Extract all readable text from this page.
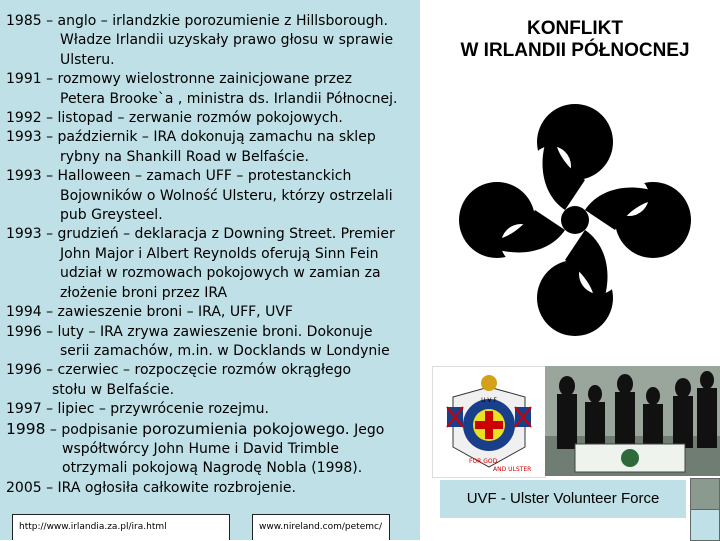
1985 – anglo – irlandzkie porozumienie z Hillsborough.
Władze Irlandii uzyskały prawo głosu w sprawie
Ulsteru.

1991 – rozmowy wielostronne zainicjowane przez
Petera Brooke`a , ministra ds. Irlandii Północnej.

1992 – listopad – zerwanie rozmów pokojowych.

1993 – październik – IRA dokonują zamachu na sklep
rybny na Shankill Road w Belfaście.

1993 – Halloween – zamach UFF – protestanckich
Bojowników o Wolność Ulsteru, którzy ostrzelali
pub Greysteel.

1993 – grudzień – deklaracja z Downing Street. Premier
John Major i Albert Reynolds oferują Sinn Fein
udział w rozmowach pokojowych w zamian za
złożenie broni przez IRA

1994 – zawieszenie broni – IRA, UFF, UVF

1996 – luty – IRA zrywa zawieszenie broni. Dokonuje
serii zamachów, m.in. w Docklands w Londynie

1996 – czerwiec – rozpoczęcie rozmów okrągłego
stołu w Belfaście.

1997 – lipiec – przywrócenie rozejmu.

1998 – podpisanie porozumienia pokojowego. Jego
współtwórcy John Hume i David Trimble
otrzymali pokojową Nagrodę Nobla (1998).

2005 – IRA ogłosiła całkowite rozbrojenie.

http://www.irlandia.za.pl/ira.html	www.nireland.com/petemc/
KONFLIKT
W IRLANDII PÓŁNOCNEJ
U V F
FOR GOD
AND ULSTER
UVF - Ulster Volunteer Force
